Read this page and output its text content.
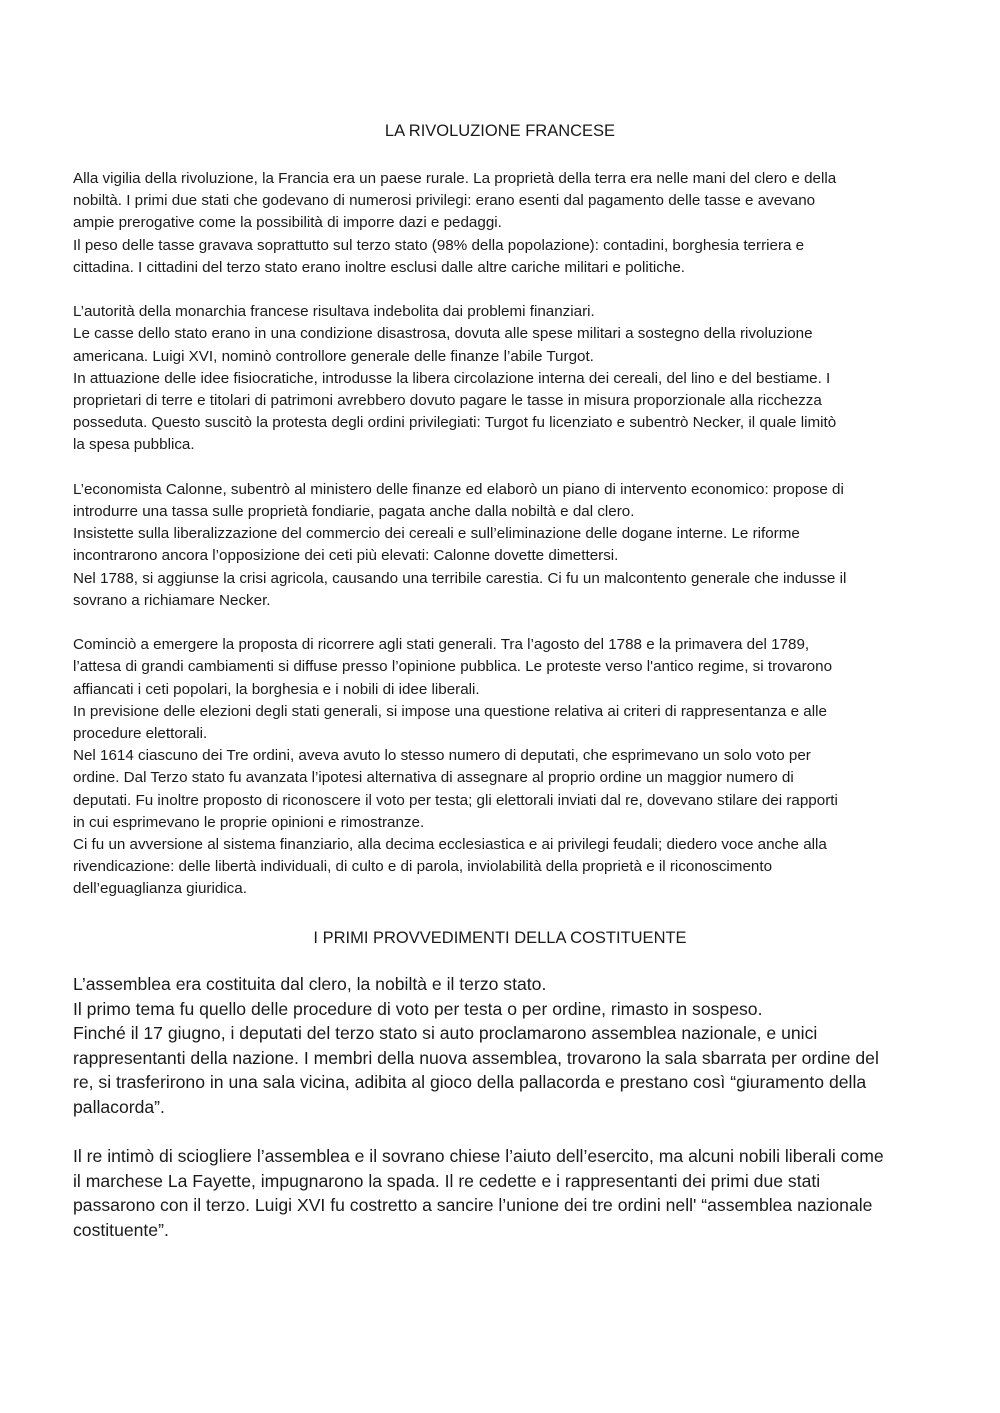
LA RIVOLUZIONE FRANCESE

Alla vigilia della rivoluzione, la Francia era un paese rurale. La proprietà della terra era nelle mani del clero e della

nobiltà. I primi due stati che godevano di numerosi privilegi: erano esenti dal pagamento delle tasse e avevano

ampie prerogative come la possibilità di imporre dazi e pedaggi.

Il peso delle tasse gravava soprattutto sul terzo stato (98% della popolazione): contadini, borghesia terriera e

cittadina. I cittadini del terzo stato erano inoltre esclusi dalle altre cariche militari e politiche.

L’autorità della monarchia francese risultava indebolita dai problemi finanziari.

Le casse dello stato erano in una condizione disastrosa, dovuta alle spese militari a sostegno della rivoluzione

americana. Luigi XVI, nominò controllore generale delle finanze l’abile Turgot.

In attuazione delle idee fisiocratiche, introdusse la libera circolazione interna dei cereali, del lino e del bestiame. I

proprietari di terre e titolari di patrimoni avrebbero dovuto pagare le tasse in misura proporzionale alla ricchezza

posseduta. Questo suscitò la protesta degli ordini privilegiati: Turgot fu licenziato e subentrò Necker, il quale limitò

la spesa pubblica.

L’economista Calonne, subentrò al ministero delle finanze ed elaborò un piano di intervento economico: propose di

introdurre una tassa sulle proprietà fondiarie, pagata anche dalla nobiltà e dal clero.

Insistette sulla liberalizzazione del commercio dei cereali e sull’eliminazione delle dogane interne. Le riforme

incontrarono ancora l’opposizione dei ceti più elevati: Calonne dovette dimettersi.

Nel 1788, si aggiunse la crisi agricola, causando una terribile carestia. Ci fu un malcontento generale che indusse il

sovrano a richiamare Necker.

Cominciò a emergere la proposta di ricorrere agli stati generali. Tra l’agosto del 1788 e la primavera del 1789,

l’attesa di grandi cambiamenti si diffuse presso l’opinione pubblica. Le proteste verso l'antico regime, si trovarono

affiancati i ceti popolari, la borghesia e i nobili di idee liberali.

In previsione delle elezioni degli stati generali, si impose una questione relativa ai criteri di rappresentanza e alle

procedure elettorali.

Nel 1614 ciascuno dei Tre ordini, aveva avuto lo stesso numero di deputati, che esprimevano un solo voto per

ordine. Dal Terzo stato fu avanzata l’ipotesi alternativa di assegnare al proprio ordine un maggior numero di

deputati. Fu inoltre proposto di riconoscere il voto per testa; gli elettorali inviati dal re, dovevano stilare dei rapporti

in cui esprimevano le proprie opinioni e rimostranze.

Ci fu un avversione al sistema finanziario, alla decima ecclesiastica e ai privilegi feudali; diedero voce anche alla

rivendicazione: delle libertà individuali, di culto e di parola, inviolabilità della proprietà e il riconoscimento

dell’eguaglianza giuridica.

I PRIMI PROVVEDIMENTI DELLA COSTITUENTE

L’assemblea era costituita dal clero, la nobiltà e il terzo stato.

Il primo tema fu quello delle procedure di voto per testa o per ordine, rimasto in sospeso.

Finché il 17 giugno, i deputati del terzo stato si auto proclamarono assemblea nazionale, e unici

rappresentanti della nazione. I membri della nuova assemblea, trovarono la sala sbarrata per ordine del

re, si trasferirono in una sala vicina, adibita al gioco della pallacorda e prestano così “giuramento della

pallacorda”.

Il re intimò di sciogliere l’assemblea e il sovrano chiese l’aiuto dell’esercito, ma alcuni nobili liberali come

il marchese La Fayette, impugnarono la spada. Il re cedette e i rappresentanti dei primi due stati

passarono con il terzo. Luigi XVI fu costretto a sancire l’unione dei tre ordini nell' “assemblea nazionale

costituente”.
